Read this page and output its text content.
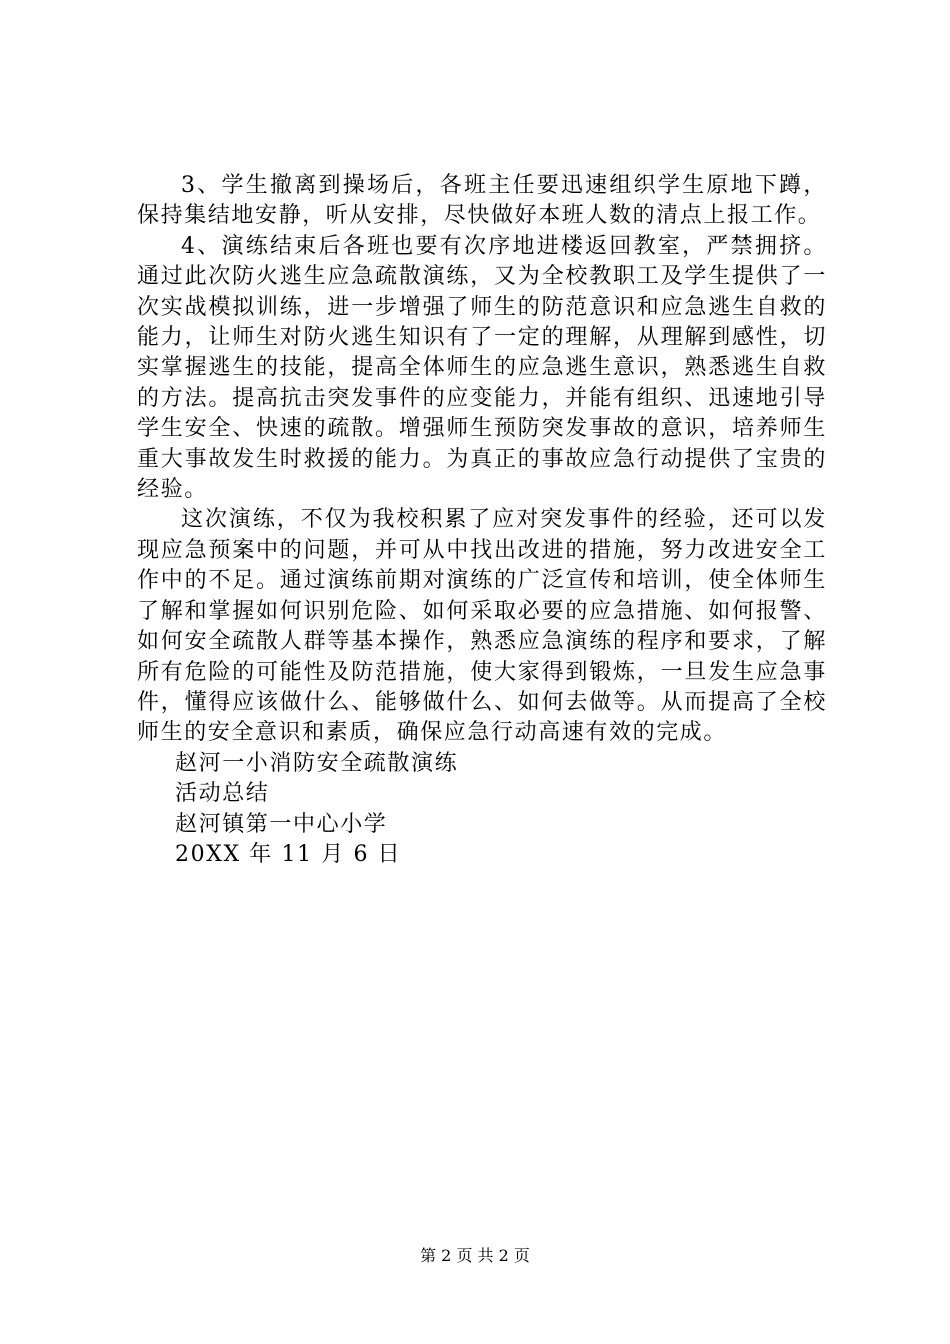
3、学生撤离到操场后，各班主任要迅速组织学生原地下蹲，保持集结地安静，听从安排，尽快做好本班人数的清点上报工作。

4、演练结束后各班也要有次序地进楼返回教室，严禁拥挤。通过此次防火逃生应急疏散演练，又为全校教职工及学生提供了一次实战模拟训练，进一步增强了师生的防范意识和应急逃生自救的能力，让师生对防火逃生知识有了一定的理解，从理解到感性，切实掌握逃生的技能，提高全体师生的应急逃生意识，熟悉逃生自救的方法。提高抗击突发事件的应变能力，并能有组织、迅速地引导学生安全、快速的疏散。增强师生预防突发事故的意识，培养师生重大事故发生时救援的能力。为真正的事故应急行动提供了宝贵的经验。

这次演练，不仅为我校积累了应对突发事件的经验，还可以发现应急预案中的问题，并可从中找出改进的措施，努力改进安全工作中的不足。通过演练前期对演练的广泛宣传和培训，使全体师生了解和掌握如何识别危险、如何采取必要的应急措施、如何报警、如何安全疏散人群等基本操作，熟悉应急演练的程序和要求，了解所有危险的可能性及防范措施，使大家得到锻炼，一旦发生应急事件，懂得应该做什么、能够做什么、如何去做等。从而提高了全校师生的安全意识和素质，确保应急行动高速有效的完成。

赵河一小消防安全疏散演练

活动总结

赵河镇第一中心小学

20XX 年 11 月 6 日

第 2 页 共 2 页
